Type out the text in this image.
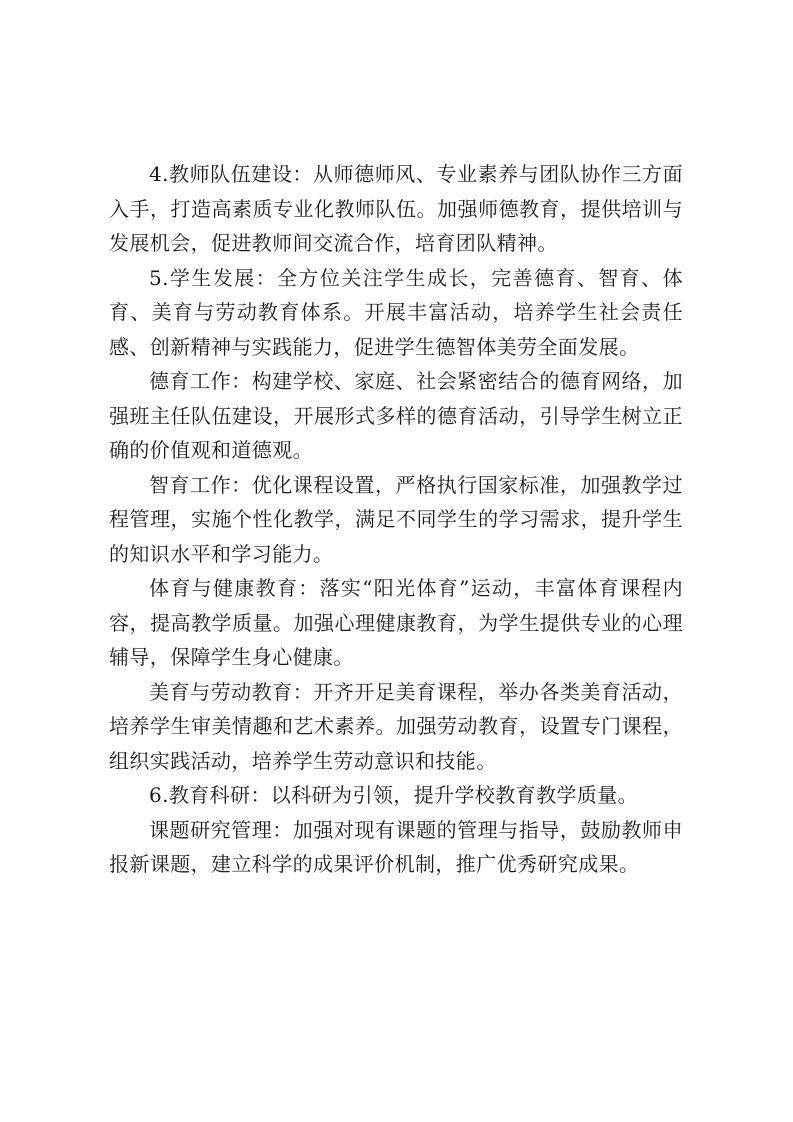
4.教师队伍建设：从师德师风、专业素养与团队协作三方面入手，打造高素质专业化教师队伍。加强师德教育，提供培训与发展机会，促进教师间交流合作，培育团队精神。

5.学生发展：全方位关注学生成长，完善德育、智育、体育、美育与劳动教育体系。开展丰富活动，培养学生社会责任感、创新精神与实践能力，促进学生德智体美劳全面发展。

德育工作：构建学校、家庭、社会紧密结合的德育网络，加强班主任队伍建设，开展形式多样的德育活动，引导学生树立正确的价值观和道德观。

智育工作：优化课程设置，严格执行国家标准，加强教学过程管理，实施个性化教学，满足不同学生的学习需求，提升学生的知识水平和学习能力。

体育与健康教育：落实“阳光体育”运动，丰富体育课程内容，提高教学质量。加强心理健康教育，为学生提供专业的心理辅导，保障学生身心健康。

美育与劳动教育：开齐开足美育课程，举办各类美育活动，培养学生审美情趣和艺术素养。加强劳动教育，设置专门课程，组织实践活动，培养学生劳动意识和技能。

6.教育科研：以科研为引领，提升学校教育教学质量。

课题研究管理：加强对现有课题的管理与指导，鼓励教师申报新课题，建立科学的成果评价机制，推广优秀研究成果。
